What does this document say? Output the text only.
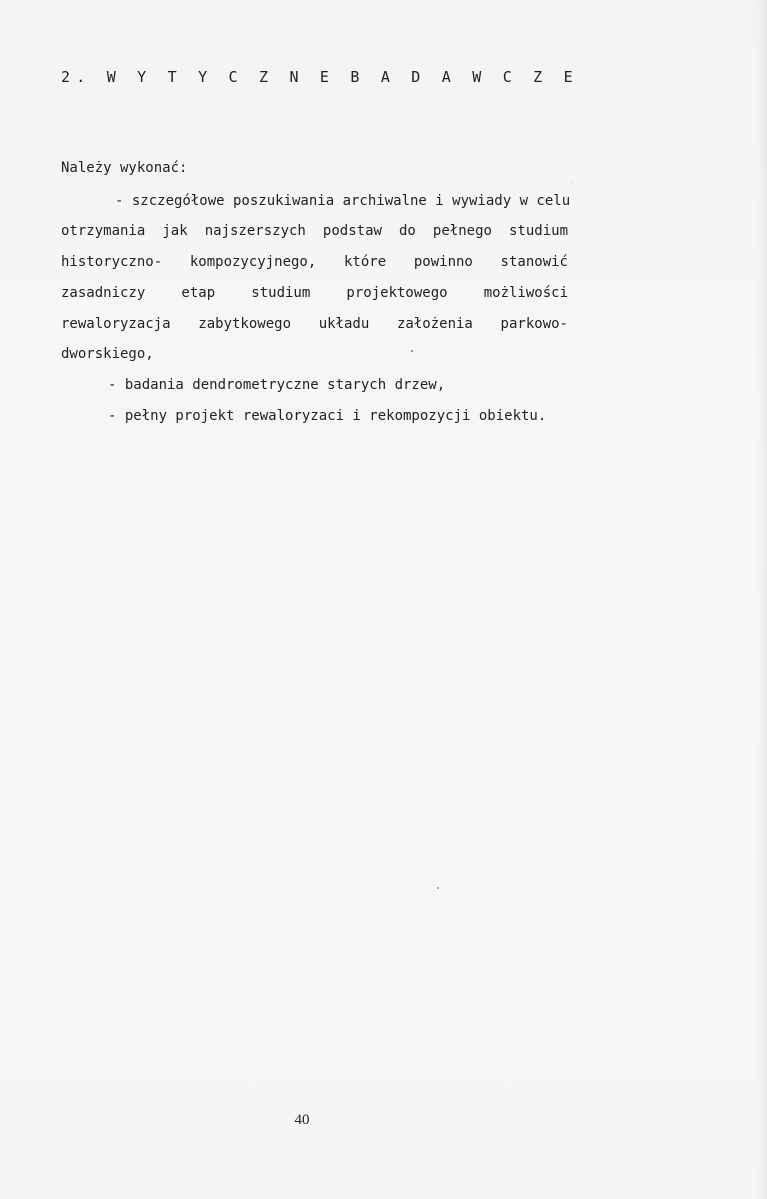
2. W Y T Y C Z N E B A D A W C Z E
Należy wykonać:
- szczegółowe poszukiwania archiwalne i wywiady w celu
otrzymania jak najszerszych podstaw do pełnego studium
historyczno- kompozycyjnego, które powinno stanowić
zasadniczy etap studium projektowego możliwości
rewaloryzacja zabytkowego układu założenia parkowo-
dworskiego,
- badania dendrometryczne starych drzew,
- pełny projekt rewaloryzaci i rekompozycji obiektu.
40
